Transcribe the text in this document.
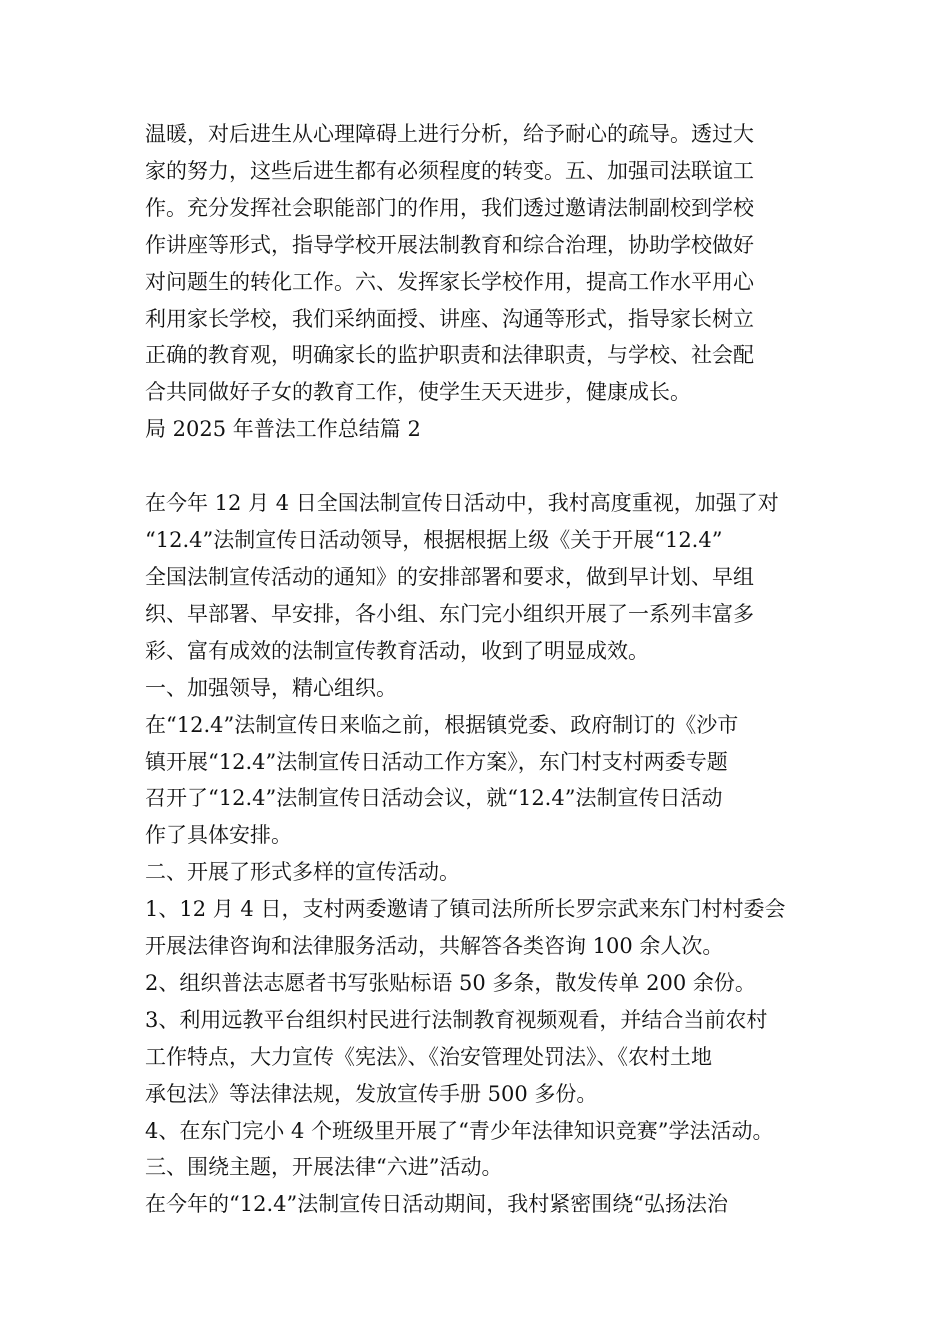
温暖，对后进生从心理障碍上进行分析，给予耐心的疏导。透过大
家的努力，这些后进生都有必须程度的转变。五、加强司法联谊工
作。充分发挥社会职能部门的作用，我们透过邀请法制副校到学校
作讲座等形式，指导学校开展法制教育和综合治理，协助学校做好
对问题生的转化工作。六、发挥家长学校作用，提高工作水平用心
利用家长学校，我们采纳面授、讲座、沟通等形式，指导家长树立
正确的教育观，明确家长的监护职责和法律职责，与学校、社会配
合共同做好子女的教育工作，使学生天天进步，健康成长。

局 2025 年普法工作总结篇 2

在今年 12 月 4 日全国法制宣传日活动中，我村高度重视，加强了对
“12.4”法制宣传日活动领导，根据根据上级《关于开展“12.4”
全国法制宣传活动的通知》的安排部署和要求，做到早计划、早组
织、早部署、早安排，各小组、东门完小组织开展了一系列丰富多
彩、富有成效的法制宣传教育活动，收到了明显成效。

一、加强领导，精心组织。

在“12.4”法制宣传日来临之前，根据镇党委、政府制订的《沙市
镇开展“12.4”法制宣传日活动工作方案》，东门村支村两委专题
召开了“12.4”法制宣传日活动会议，就“12.4”法制宣传日活动
作了具体安排。

二、开展了形式多样的宣传活动。

1、12 月 4 日，支村两委邀请了镇司法所所长罗宗武来东门村村委会
开展法律咨询和法律服务活动，共解答各类咨询 100 余人次。

2、组织普法志愿者书写张贴标语 50 多条，散发传单 200 余份。

3、利用远教平台组织村民进行法制教育视频观看，并结合当前农村
工作特点，大力宣传《宪法》、《治安管理处罚法》、《农村土地
承包法》等法律法规，发放宣传手册 500 多份。

4、在东门完小 4 个班级里开展了“青少年法律知识竞赛”学法活动。

三、围绕主题，开展法律“六进”活动。

在今年的“12.4”法制宣传日活动期间，我村紧密围绕“弘扬法治
